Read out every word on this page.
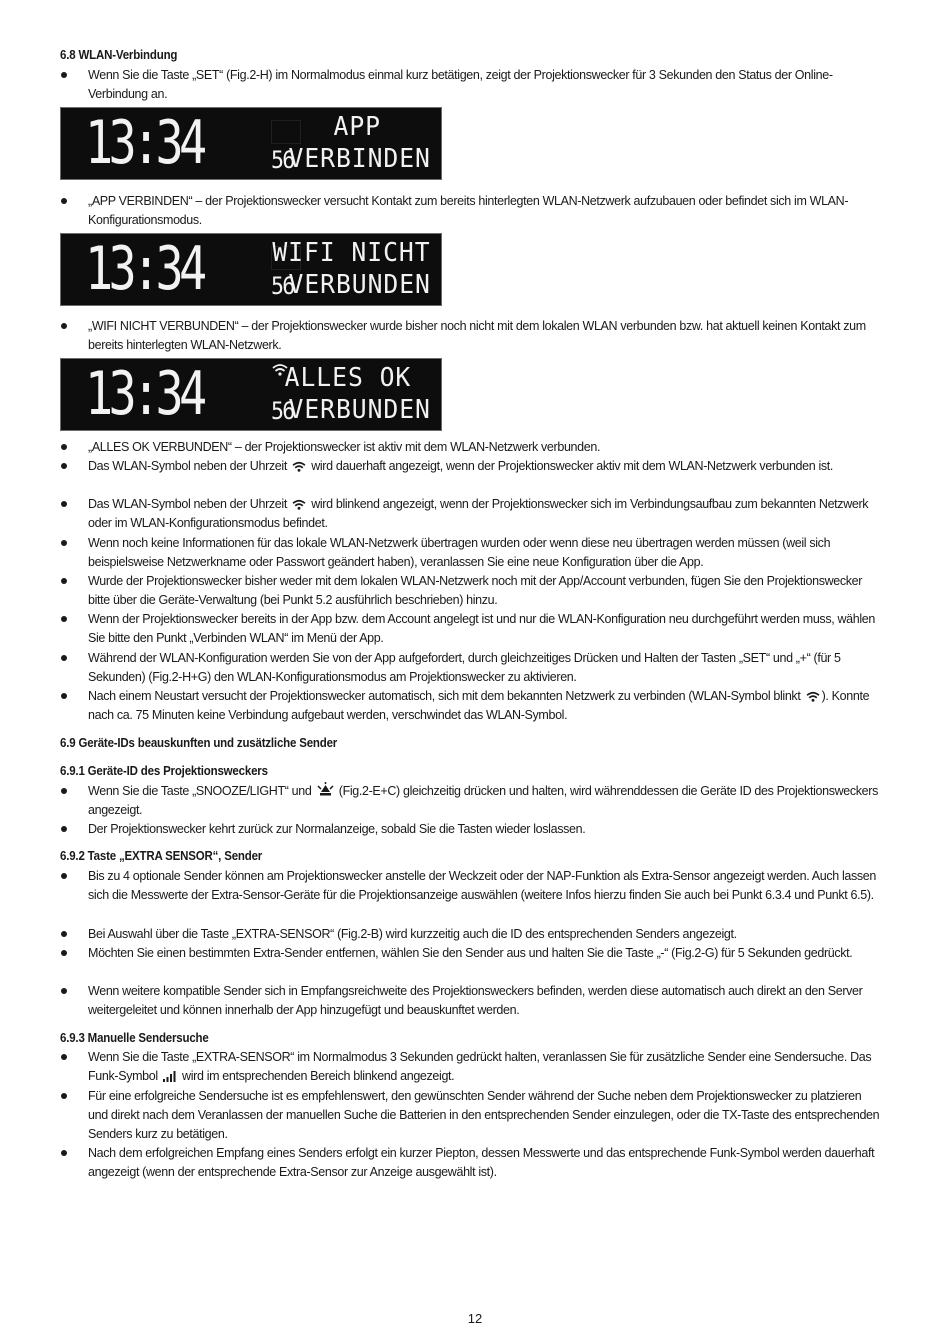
6.8 WLAN-Verbindung
Wenn Sie die Taste „SET“ (Fig.2-H) im Normalmodus einmal kurz betätigen, zeigt der Projektionswecker für 3 Sekunden den Status der Online-Verbindung an.
13:34	56
APP
VERBINDEN
„APP VERBINDEN“ – der Projektionswecker versucht Kontakt zum bereits hinterlegten WLAN-Netzwerk aufzubauen oder befindet sich im WLAN-Konfigurationsmodus.
13:34	56
WIFI NICHT
VERBUNDEN
„WIFI NICHT VERBUNDEN“ – der Projektionswecker wurde bisher noch nicht mit dem lokalen WLAN verbunden bzw. hat aktuell keinen Kontakt zum bereits hinterlegten WLAN-Netzwerk.
13:34	56
ALLES OK
VERBUNDEN
„ALLES OK VERBUNDEN“ – der Projektionswecker ist aktiv mit dem WLAN-Netzwerk verbunden.
Das WLAN-Symbol neben der Uhrzeit wird dauerhaft angezeigt, wenn der Projektionswecker aktiv mit dem WLAN-Netzwerk verbunden ist.
Das WLAN-Symbol neben der Uhrzeit wird blinkend angezeigt, wenn der Projektionswecker sich im Verbindungsaufbau zum bekannten Netzwerk oder im WLAN-Konfigurationsmodus befindet.
Wenn noch keine Informationen für das lokale WLAN-Netzwerk übertragen wurden oder wenn diese neu übertragen werden müssen (weil sich beispielsweise Netzwerkname oder Passwort geändert haben), veranlassen Sie eine neue Konfiguration über die App.
Wurde der Projektionswecker bisher weder mit dem lokalen WLAN-Netzwerk noch mit der App/Account verbunden, fügen Sie den Projektionswecker bitte über die Geräte-Verwaltung (bei Punkt 5.2 ausführlich beschrieben) hinzu.
Wenn der Projektionswecker bereits in der App bzw. dem Account angelegt ist und nur die WLAN-Konfiguration neu durchgeführt werden muss, wählen Sie bitte den Punkt „Verbinden WLAN“ im Menü der App.
Während der WLAN-Konfiguration werden Sie von der App aufgefordert, durch gleichzeitiges Drücken und Halten der Tasten „SET“ und „+“ (für 5 Sekunden) (Fig.2-H+G) den WLAN-Konfigurationsmodus am Projektionswecker zu aktivieren.
Nach einem Neustart versucht der Projektionswecker automatisch, sich mit dem bekannten Netzwerk zu verbinden (WLAN-Symbol blinkt ). Konnte nach ca. 75 Minuten keine Verbindung aufgebaut werden, verschwindet das WLAN-Symbol.
6.9 Geräte-IDs beauskunften und zusätzliche Sender
6.9.1 Geräte-ID des Projektionsweckers
Wenn Sie die Taste „SNOOZE/LIGHT“ und (Fig.2-E+C) gleichzeitig drücken und halten, wird währenddessen die Geräte ID des Projektionsweckers angezeigt.
Der Projektionswecker kehrt zurück zur Normalanzeige, sobald Sie die Tasten wieder loslassen.
6.9.2 Taste „EXTRA SENSOR“, Sender
Bis zu 4 optionale Sender können am Projektionswecker anstelle der Weckzeit oder der NAP-Funktion als Extra-Sensor angezeigt werden. Auch lassen sich die Messwerte der Extra-Sensor-Geräte für die Projektionsanzeige auswählen (weitere Infos hierzu finden Sie auch bei Punkt 6.3.4 und Punkt 6.5).
Bei Auswahl über die Taste „EXTRA-SENSOR“ (Fig.2-B) wird kurzzeitig auch die ID des entsprechenden Senders angezeigt.
Möchten Sie einen bestimmten Extra-Sender entfernen, wählen Sie den Sender aus und halten Sie die Taste „-“ (Fig.2-G) für 5 Sekunden gedrückt.
Wenn weitere kompatible Sender sich in Empfangsreichweite des Projektionsweckers befinden, werden diese automatisch auch direkt an den Server weitergeleitet und können innerhalb der App hinzugefügt und beauskunftet werden.
6.9.3 Manuelle Sendersuche
Wenn Sie die Taste „EXTRA-SENSOR“ im Normalmodus 3 Sekunden gedrückt halten, veranlassen Sie für zusätzliche Sender eine Sendersuche. Das Funk-Symbol wird im entsprechenden Bereich blinkend angezeigt.
Für eine erfolgreiche Sendersuche ist es empfehlenswert, den gewünschten Sender während der Suche neben dem Projektionswecker zu platzieren und direkt nach dem Veranlassen der manuellen Suche die Batterien in den entsprechenden Sender einzulegen, oder die TX-Taste des entsprechenden Senders kurz zu betätigen.
Nach dem erfolgreichen Empfang eines Senders erfolgt ein kurzer Piepton, dessen Messwerte und das entsprechende Funk-Symbol werden dauerhaft angezeigt (wenn der entsprechende Extra-Sensor zur Anzeige ausgewählt ist).
12
